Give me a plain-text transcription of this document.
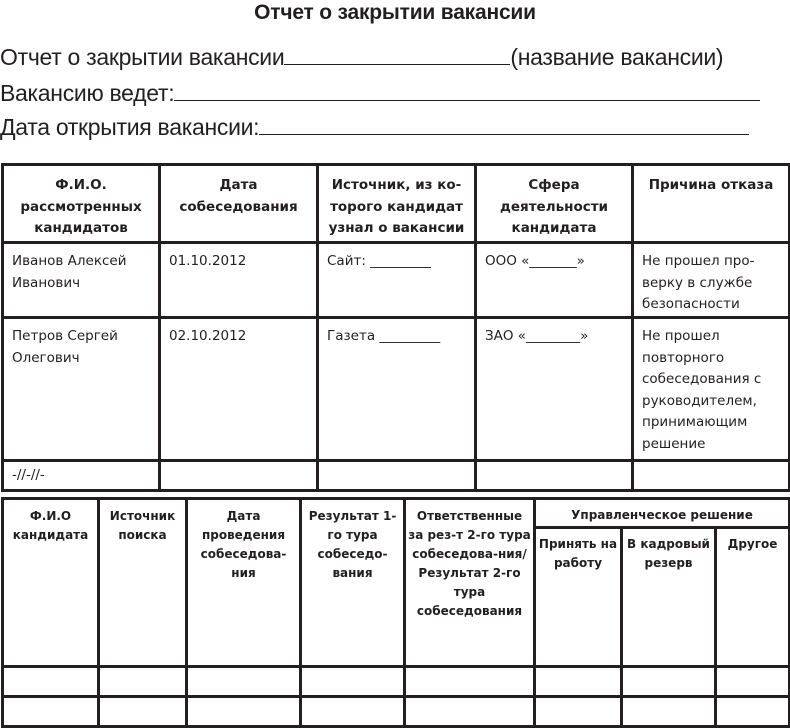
Отчет о закрытии вакансии
Отчет о закрытии вакансии	(название вакансии)
Вакансию ведет:
Дата открытия вакансии:
Ф.И.О. рассмотренных кандидатов	Дата собеседования	Источник, из ко-торого кандидат узнал о вакансии	Сфера деятельности кандидата	Причина отказа
Иванов Алексей Иванович	01.10.2012	Сайт: _________	ООО «_______»	Не прошел про-верку в службе безопасности
Петров Сергей Олегович	02.10.2012	Газета _________	ЗАО «________»	Не прошел повторного собеседования с руководителем, принимающим решение
-//-//-				
Ф.И.О кандидата	Источник поиска	Дата проведения собеседова-ния	Результат 1-го тура собеседо-вания	Ответственные за рез-т 2-го тура собеседова-ния/ Результат 2-го тура собеседования	Управленческое решение		
					Принять на работу	В кадровый резерв	Другое
